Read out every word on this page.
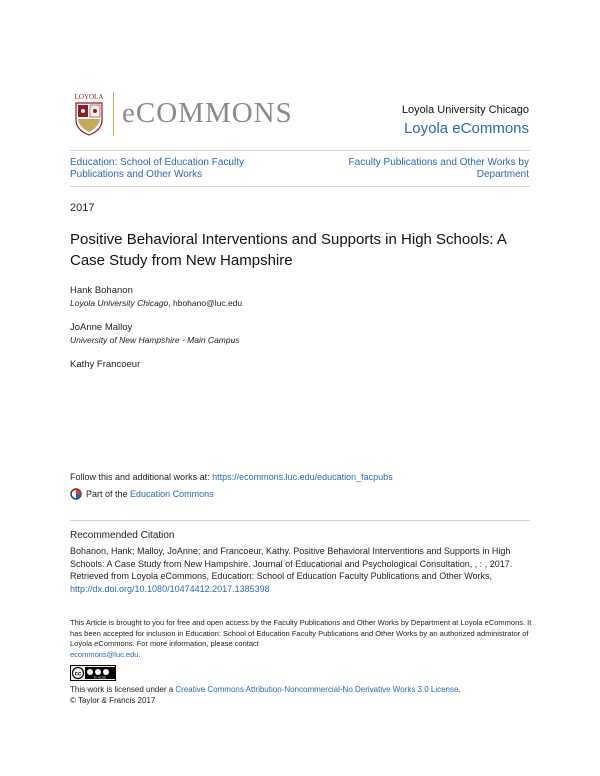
LOYOLA eCOMMONS	Loyola University Chicago
Loyola eCommons
Education: School of Education Faculty Publications and Other Works
Faculty Publications and Other Works by Department
2017
Positive Behavioral Interventions and Supports in High Schools: A Case Study from New Hampshire
Hank Bohanon
Loyola University Chicago, hbohano@luc.edu
JoAnne Malloy
University of New Hampshire - Main Campus
Kathy Francoeur
Follow this and additional works at: https://ecommons.luc.edu/education_facpubs
Part of the
Education Commons
Recommended Citation
Bohanon, Hank; Malloy, JoAnne; and Francoeur, Kathy. Positive Behavioral Interventions and Supports in High Schools: A Case Study from New Hampshire. Journal of Educational and Psychological Consultation, , : , 2017. Retrieved from Loyola eCommons, Education: School of Education Faculty Publications and Other Works, http://dx.doi.org/10.1080/10474412.2017.1385398
This Article is brought to you for free and open access by the Faculty Publications and Other Works by Department at Loyola eCommons. It has been accepted for inclusion in Education: School of Education Faculty Publications and Other Works by an authorized administrator of Loyola eCommons. For more information, please contact
ecommons@luc.edu.
cc
BY NC ND
This work is licensed under a Creative Commons Attribution-Noncommercial-No Derivative Works 3.0 License.
© Taylor & Francis 2017
